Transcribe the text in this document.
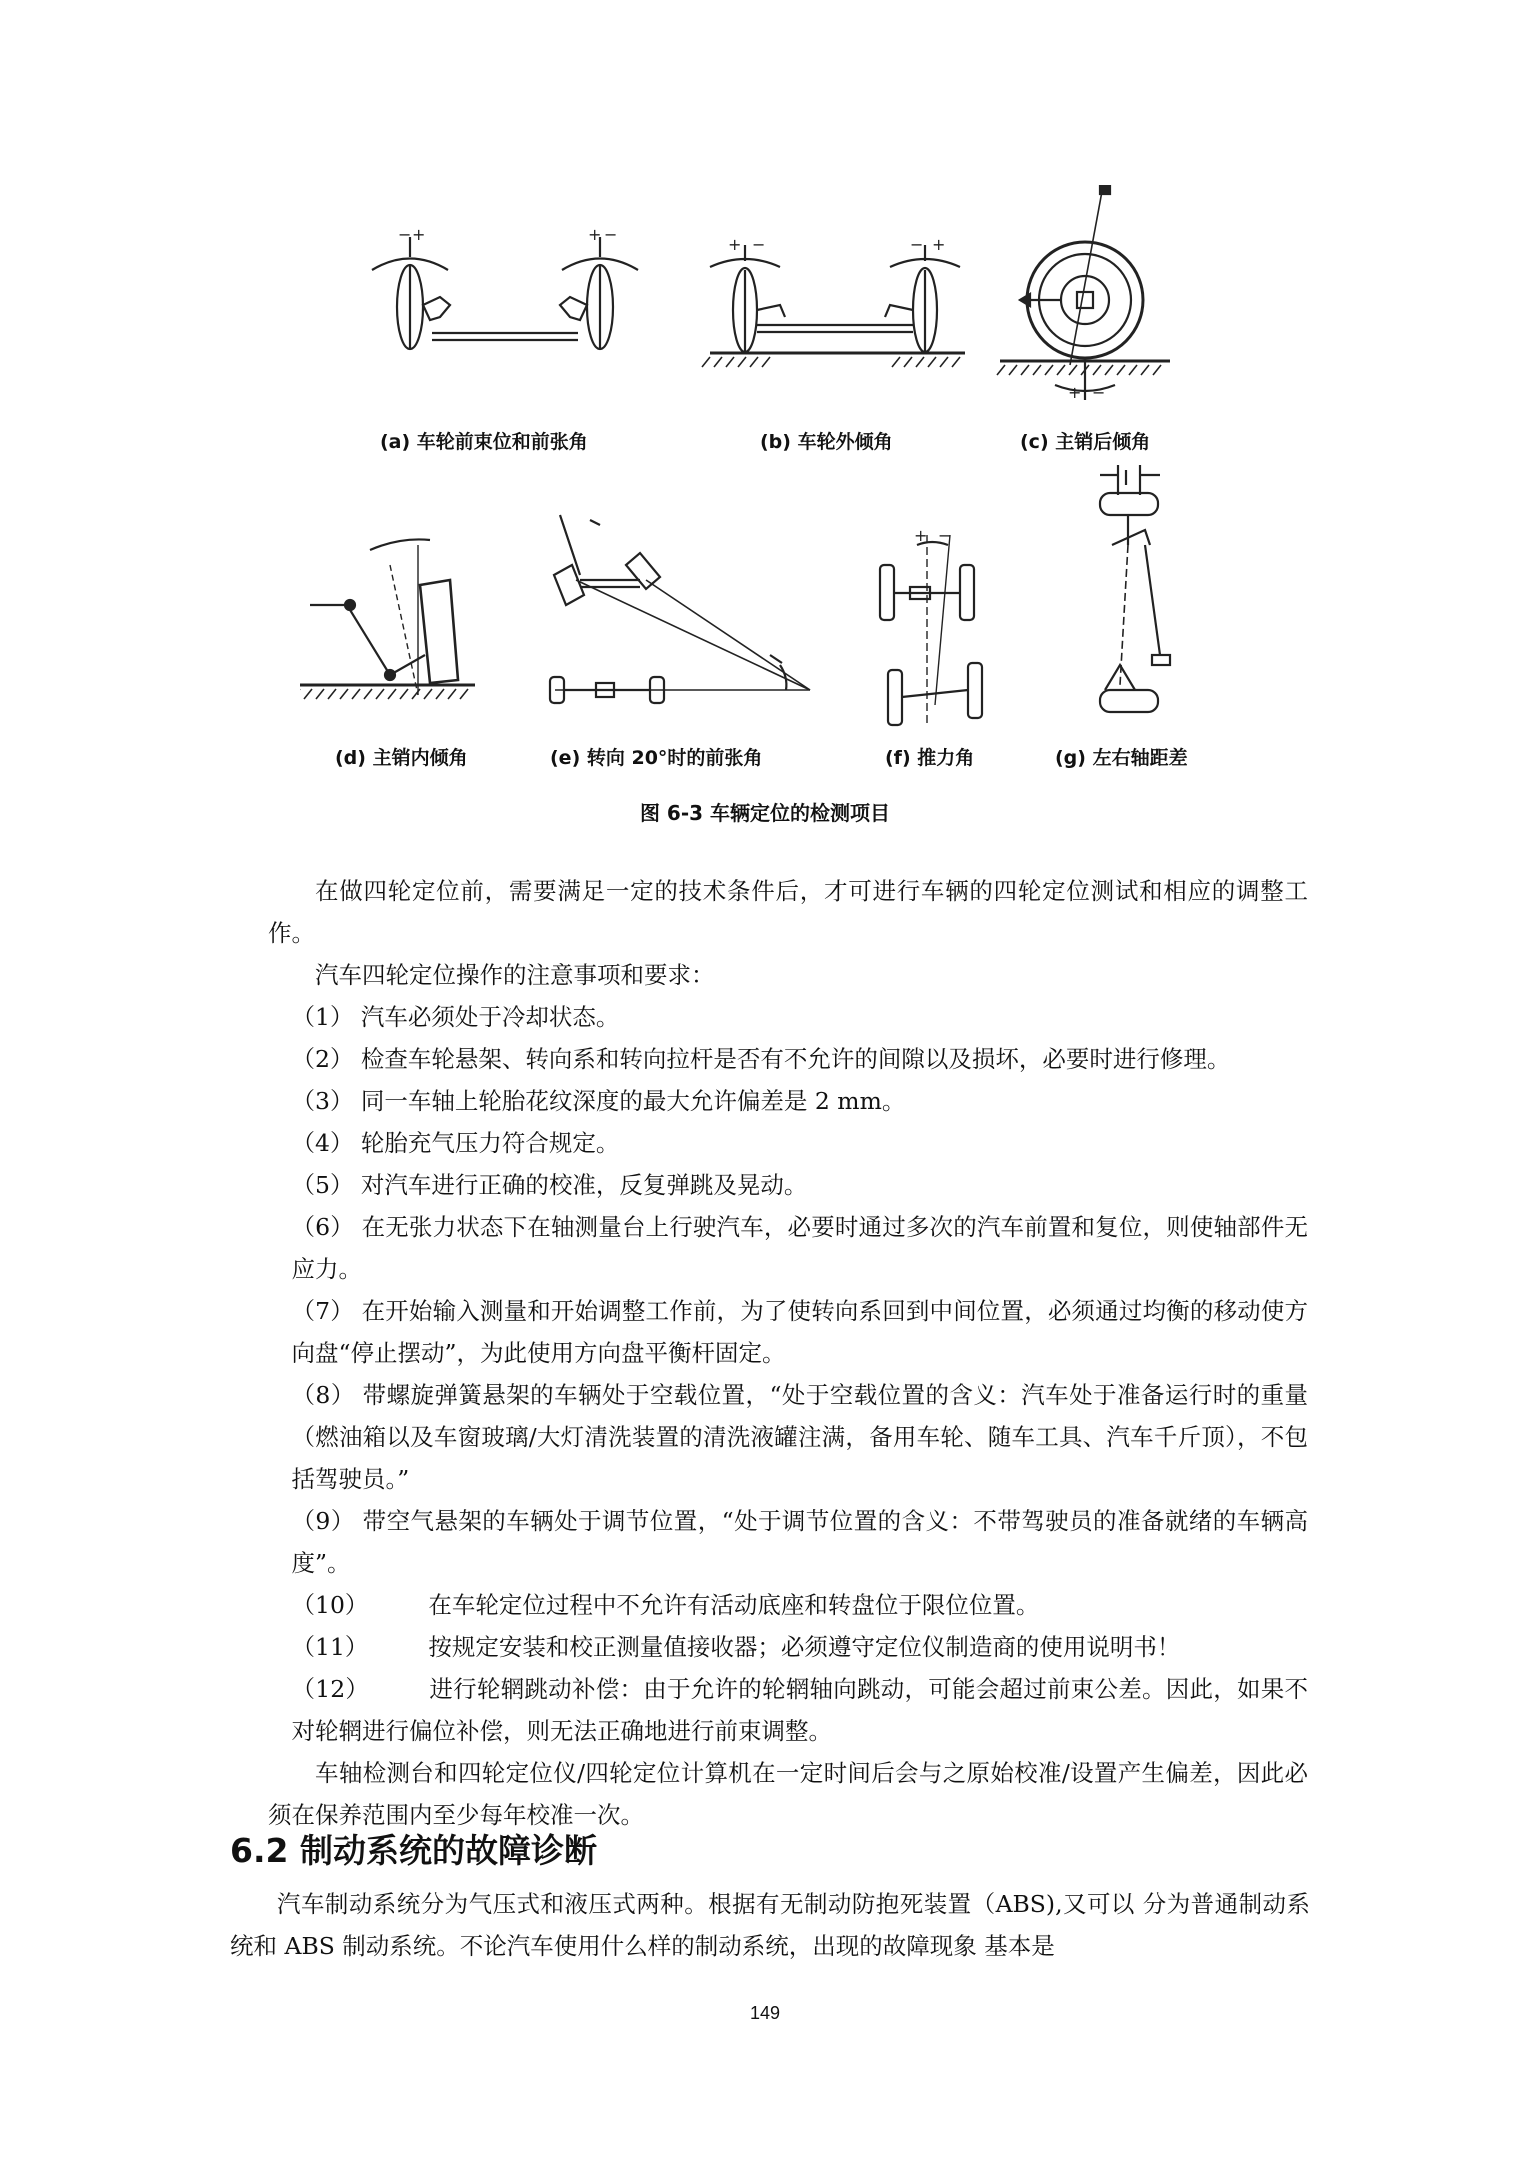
− +	+ −
+ −	− +
+ −
+ −
(a) 车轮前束位和前张角	(b) 车轮外倾角	(c) 主销后倾角
(d) 主销内倾角	(e) 转向 20°时的前张角	(f) 推力角	(g) 左右轴距差
图 6-3 车辆定位的检测项目

在做四轮定位前，需要满足一定的技术条件后，才可进行车辆的四轮定位测试和相应的调整工作。

汽车四轮定位操作的注意事项和要求：

（1） 汽车必须处于冷却状态。

（2） 检查车轮悬架、转向系和转向拉杆是否有不允许的间隙以及损坏，必要时进行修理。

（3） 同一车轴上轮胎花纹深度的最大允许偏差是 2 mm。

（4） 轮胎充气压力符合规定。

（5） 对汽车进行正确的校准，反复弹跳及晃动。

（6） 在无张力状态下在轴测量台上行驶汽车，必要时通过多次的汽车前置和复位，则使轴部件无应力。

（7） 在开始输入测量和开始调整工作前，为了使转向系回到中间位置，必须通过均衡的移动使方向盘“停止摆动”，为此使用方向盘平衡杆固定。

（8） 带螺旋弹簧悬架的车辆处于空载位置，“处于空载位置的含义：汽车处于准备运行时的重量（燃油箱以及车窗玻璃/大灯清洗装置的清洗液罐注满，备用车轮、随车工具、汽车千斤顶），不包括驾驶员。”

（9） 带空气悬架的车辆处于调节位置，“处于调节位置的含义：不带驾驶员的准备就绪的车辆高度”。

（10）	在车轮定位过程中不允许有活动底座和转盘位于限位位置。

（11）	按规定安装和校正测量值接收器；必须遵守定位仪制造商的使用说明书！

（12）	进行轮辋跳动补偿：由于允许的轮辋轴向跳动，可能会超过前束公差。因此，如果不对轮辋进行偏位补偿，则无法正确地进行前束调整。

车轴检测台和四轮定位仪/四轮定位计算机在一定时间后会与之原始校准/设置产生偏差，因此必须在保养范围内至少每年校准一次。

6.2 制动系统的故障诊断

汽车制动系统分为气压式和液压式两种。根据有无制动防抱死装置（ABS),又可以 分为普通制动系统和 ABS 制动系统。不论汽车使用什么样的制动系统，出现的故障现象 基本是

149
